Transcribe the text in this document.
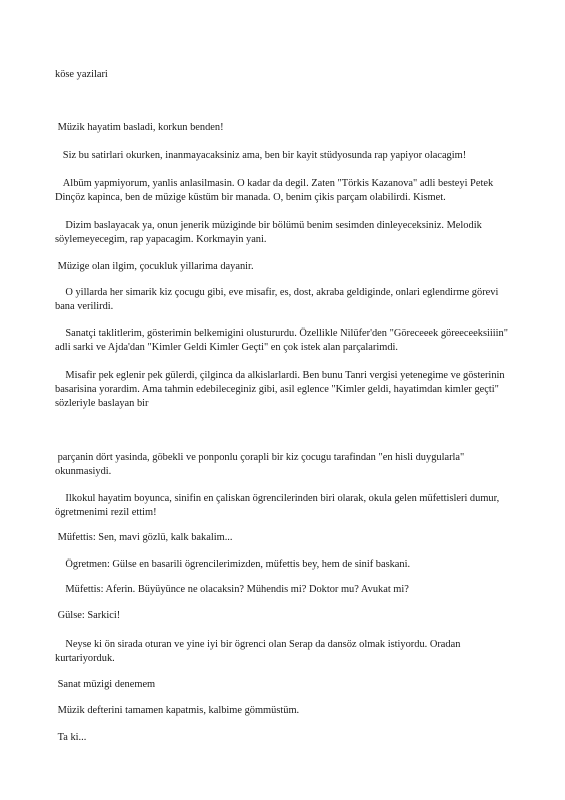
köse yazilari

Müzik hayatim basladi, korkun benden!

Siz bu satirlari okurken, inanmayacaksiniz ama, ben bir kayit stüdyosunda rap yapiyor olacagim!

Albüm yapmiyorum, yanlis anlasilmasin. O kadar da degil. Zaten "Törkis Kazanova" adli besteyi Petek Dinçöz kapinca, ben de müzige küstüm bir manada. O, benim çikis parçam olabilirdi. Kismet.

Dizim baslayacak ya, onun jenerik müziginde bir bölümü benim sesimden dinleyeceksiniz. Melodik söylemeyecegim, rap yapacagim. Korkmayin yani.

Müzige olan ilgim, çocukluk yillarima dayanir.

O yillarda her simarik kiz çocugu gibi, eve misafir, es, dost, akraba geldiginde, onlari eglendirme görevi bana verilirdi.

Sanatçi taklitlerim, gösterimin belkemigini olustururdu. Özellikle Nilüfer'den "Göreceeek göreeceeksiiiin" adli sarki ve Ajda'dan "Kimler Geldi Kimler Geçti" en çok istek alan parçalarimdi.

Misafir pek eglenir pek gülerdi, çilginca da alkislarlardi. Ben bunu Tanri vergisi yetenegime ve gösterinin basarisina yorardim. Ama tahmin edebileceginiz gibi, asil eglence "Kimler geldi, hayatimdan kimler geçti" sözleriyle baslayan bir

parçanin dört yasinda, göbekli ve ponponlu çorapli bir kiz çocugu tarafindan "en hisli duygularla" okunmasiydi.

Ilkokul hayatim boyunca, sinifin en çaliskan ögrencilerinden biri olarak, okula gelen müfettisleri dumur, ögretmenimi rezil ettim!

Müfettis: Sen, mavi gözlü, kalk bakalim...

Ögretmen: Gülse en basarili ögrencilerimizden, müfettis bey, hem de sinif baskani.

Müfettis: Aferin. Büyüyünce ne olacaksin? Mühendis mi? Doktor mu? Avukat mi?

Gülse: Sarkici!

Neyse ki ön sirada oturan ve yine iyi bir ögrenci olan Serap da dansöz olmak istiyordu. Oradan kurtariyorduk.

Sanat müzigi denemem

Müzik defterini tamamen kapatmis, kalbime gömmüstüm.

Ta ki...
